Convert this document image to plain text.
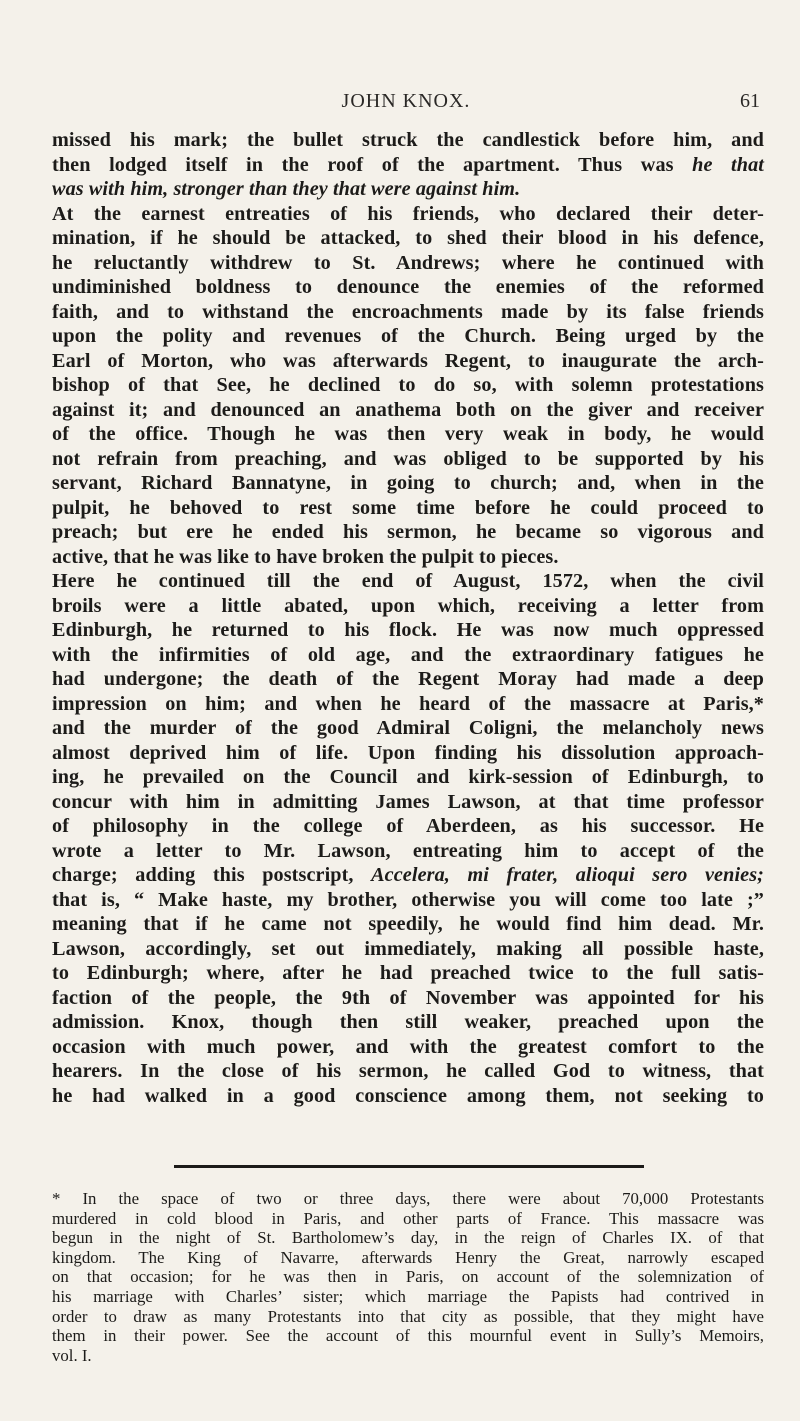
JOHN KNOX.	61
missed his mark; the bullet struck the candlestick before him, and
then lodged itself in the roof of the apartment. Thus was he that
was with him, stronger than they that were against him.
At the earnest entreaties of his friends, who declared their deter-
mination, if he should be attacked, to shed their blood in his defence,
he reluctantly withdrew to St. Andrews; where he continued with
undiminished boldness to denounce the enemies of the reformed
faith, and to withstand the encroachments made by its false friends
upon the polity and revenues of the Church. Being urged by the
Earl of Morton, who was afterwards Regent, to inaugurate the arch-
bishop of that See, he declined to do so, with solemn protestations
against it; and denounced an anathema both on the giver and receiver
of the office. Though he was then very weak in body, he would
not refrain from preaching, and was obliged to be supported by his
servant, Richard Bannatyne, in going to church; and, when in the
pulpit, he behoved to rest some time before he could proceed to
preach; but ere he ended his sermon, he became so vigorous and
active, that he was like to have broken the pulpit to pieces.
Here he continued till the end of August, 1572, when the civil
broils were a little abated, upon which, receiving a letter from
Edinburgh, he returned to his flock. He was now much oppressed
with the infirmities of old age, and the extraordinary fatigues he
had undergone; the death of the Regent Moray had made a deep
impression on him; and when he heard of the massacre at Paris,*
and the murder of the good Admiral Coligni, the melancholy news
almost deprived him of life. Upon finding his dissolution approach-
ing, he prevailed on the Council and kirk-session of Edinburgh, to
concur with him in admitting James Lawson, at that time professor
of philosophy in the college of Aberdeen, as his successor. He
wrote a letter to Mr. Lawson, entreating him to accept of the
charge; adding this postscript, Accelera, mi frater, alioqui sero venies;
that is, “ Make haste, my brother, otherwise you will come too late ;”
meaning that if he came not speedily, he would find him dead. Mr.
Lawson, accordingly, set out immediately, making all possible haste,
to Edinburgh; where, after he had preached twice to the full satis-
faction of the people, the 9th of November was appointed for his
admission. Knox, though then still weaker, preached upon the
occasion with much power, and with the greatest comfort to the
hearers. In the close of his sermon, he called God to witness, that
he had walked in a good conscience among them, not seeking to
* In the space of two or three days, there were about 70,000 Protestants
murdered in cold blood in Paris, and other parts of France. This massacre was
begun in the night of St. Bartholomew’s day, in the reign of Charles IX. of that
kingdom. The King of Navarre, afterwards Henry the Great, narrowly escaped
on that occasion; for he was then in Paris, on account of the solemnization of
his marriage with Charles’ sister; which marriage the Papists had contrived in
order to draw as many Protestants into that city as possible, that they might have
them in their power. See the account of this mournful event in Sully’s Memoirs,
vol. I.
